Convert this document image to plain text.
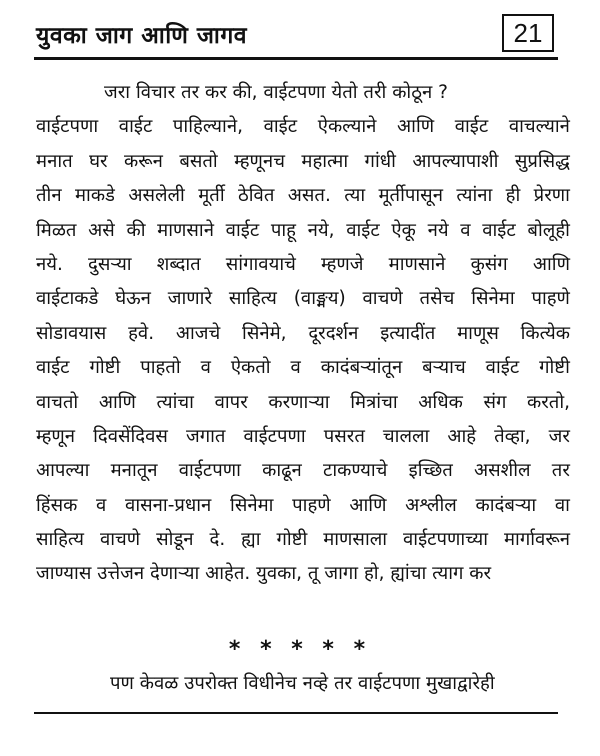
युवका जाग आणि जागव	21
जरा विचार तर कर की, वाईटपणा येतो तरी कोठून ?
वाईटपणा वाईट पाहिल्याने, वाईट ऐकल्याने आणि वाईट वाचल्याने
मनात घर करून बसतो म्हणूनच महात्मा गांधी आपल्यापाशी सुप्रसिद्ध
तीन माकडे असलेली मूर्ती ठेवित असत. त्या मूर्तीपासून त्यांना ही प्रेरणा
मिळत असे की माणसाने वाईट पाहू नये, वाईट ऐकू नये व वाईट बोलूही
नये. दुसऱ्या शब्दात सांगावयाचे म्हणजे माणसाने कुसंग आणि
वाईटाकडे घेऊन जाणारे साहित्य (वाङ्मय) वाचणे तसेच सिनेमा पाहणे
सोडावयास हवे. आजचे सिनेमे, दूरदर्शन इत्यादींत माणूस कित्येक
वाईट गोष्टी पाहतो व ऐकतो व कादंबऱ्यांतून बऱ्याच वाईट गोष्टी
वाचतो आणि त्यांचा वापर करणाऱ्या मित्रांचा अधिक संग करतो,
म्हणून दिवसेंदिवस जगात वाईटपणा पसरत चालला आहे तेव्हा, जर
आपल्या मनातून वाईटपणा काढून टाकण्याचे इच्छित असशील तर
हिंसक व वासना-प्रधान सिनेमा पाहणे आणि अश्लील कादंबऱ्या वा
साहित्य वाचणे सोडून दे. ह्या गोष्टी माणसाला वाईटपणाच्या मार्गावरून
जाण्यास उत्तेजन देणाऱ्या आहेत. युवका, तू जागा हो, ह्यांचा त्याग कर
* * * * *
पण केवळ उपरोक्त विधीनेच नव्हे तर वाईटपणा मुखाद्वारेही
